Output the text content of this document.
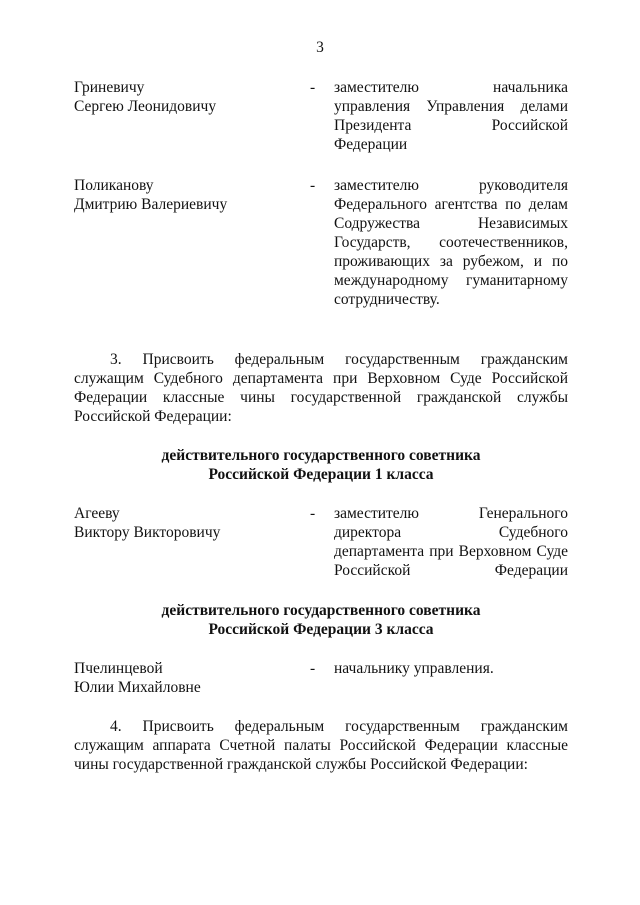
3
Гриневичу
Сергею Леонидовичу
- заместителю начальника управления Управления делами Президента Российской Федерации
Поликанову
Дмитрию Валериевичу
- заместителю руководителя Федерального агентства по делам Содружества Независимых Государств, соотечественников, проживающих за рубежом, и по международному гуманитарному сотрудничеству.
3. Присвоить федеральным государственным гражданским служащим Судебного департамента при Верховном Суде Российской Федерации классные чины государственной гражданской службы Российской Федерации:
действительного государственного советника
Российской Федерации 1 класса
Агееву
Виктору Викторовичу
- заместителю Генерального директора Судебного департамента при Верховном Суде Российской Федерации
действительного государственного советника
Российской Федерации 3 класса
Пчелинцевой
Юлии Михайловне
- начальнику управления.
4. Присвоить федеральным государственным гражданским служащим аппарата Счетной палаты Российской Федерации классные чины государственной гражданской службы Российской Федерации:
